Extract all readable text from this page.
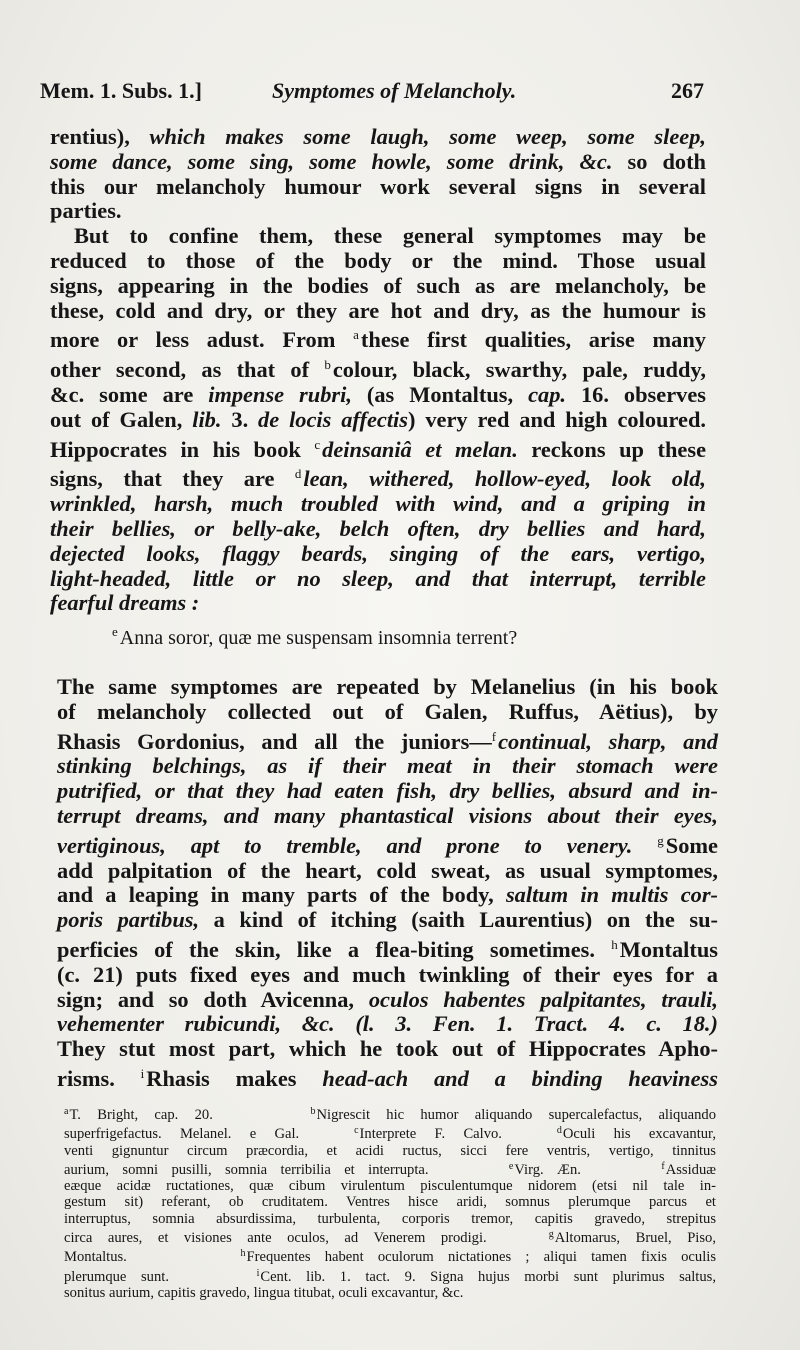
Mem. 1. Subs. 1.]	Symptomes of Melancholy.	267
rentius), which makes some laugh, some weep, some sleep,
some dance, some sing, some howle, some drink, &c. so doth
this our melancholy humour work several signs in several
parties.
But to confine them, these general symptomes may be
reduced to those of the body or the mind. Those usual
signs, appearing in the bodies of such as are melancholy, be
these, cold and dry, or they are hot and dry, as the humour is
more or less adust. From $^a$these first qualities, arise many
other second, as that of $^b$colour, black, swarthy, pale, ruddy,
&c. some are impense rubri, (as Montaltus, cap. 16. observes
out of Galen, lib. 3. de locis affectis) very red and high coloured.
Hippocrates in his book $^c$deinsaniâ et melan. reckons up these
signs, that they are $^d$lean, withered, hollow-eyed, look old,
wrinkled, harsh, much troubled with wind, and a griping in
their bellies, or belly-ake, belch often, dry bellies and hard,
dejected looks, flaggy beards, singing of the ears, vertigo,
light-headed, little or no sleep, and that interrupt, terrible
fearful dreams :
$^e$ Anna soror, quæ me suspensam insomnia terrent?
The same symptomes are repeated by Melanelius (in his book
of melancholy collected out of Galen, Ruffus, Aëtius), by
Rhasis Gordonius, and all the juniors—$^f$continual, sharp, and
stinking belchings, as if their meat in their stomach were
putrified, or that they had eaten fish, dry bellies, absurd and in-
terrupt dreams, and many phantastical visions about their eyes,
vertiginous, apt to tremble, and prone to venery. $^g$Some
add palpitation of the heart, cold sweat, as usual symptomes,
and a leaping in many parts of the body, saltum in multis cor-
poris partibus, a kind of itching (saith Laurentius) on the su-
perficies of the skin, like a flea-biting sometimes. $^h$Montaltus
(c. 21) puts fixed eyes and much twinkling of their eyes for a
sign; and so doth Avicenna, oculos habentes palpitantes, trauli,
vehementer rubicundi, &c. (l. 3. Fen. 1. Tract. 4. c. 18.)
They stut most part, which he took out of Hippocrates Apho-
risms. $^i$Rhasis makes head-ach and a binding heaviness
$^a$T. Bright, cap. 20.	$^b$Nigrescit hic humor aliquando supercalefactus, aliquando
superfrigefactus. Melanel. e Gal.	$^c$Interprete F. Calvo.	$^d$Oculi his excavantur,
venti gignuntur circum præcordia, et acidi ructus, sicci fere ventris, vertigo, tinnitus
aurium, somni pusilli, somnia terribilia et interrupta.	$^e$Virg. Æn.	$^f$Assiduæ
eæque acidæ ructationes, quæ cibum virulentum pisculentumque nidorem (etsi nil tale in-
gestum sit) referant, ob cruditatem. Ventres hisce aridi, somnus plerumque parcus et
interruptus, somnia absurdissima, turbulenta, corporis tremor, capitis gravedo, strepitus
circa aures, et visiones ante oculos, ad Venerem prodigi.	$^g$Altomarus, Bruel, Piso,
Montaltus.	$^h$Frequentes habent oculorum nictationes ; aliqui tamen fixis oculis
plerumque sunt.	$^i$Cent. lib. 1. tact. 9. Signa hujus morbi sunt plurimus saltus,
sonitus aurium, capitis gravedo, lingua titubat, oculi excavantur, &c.
